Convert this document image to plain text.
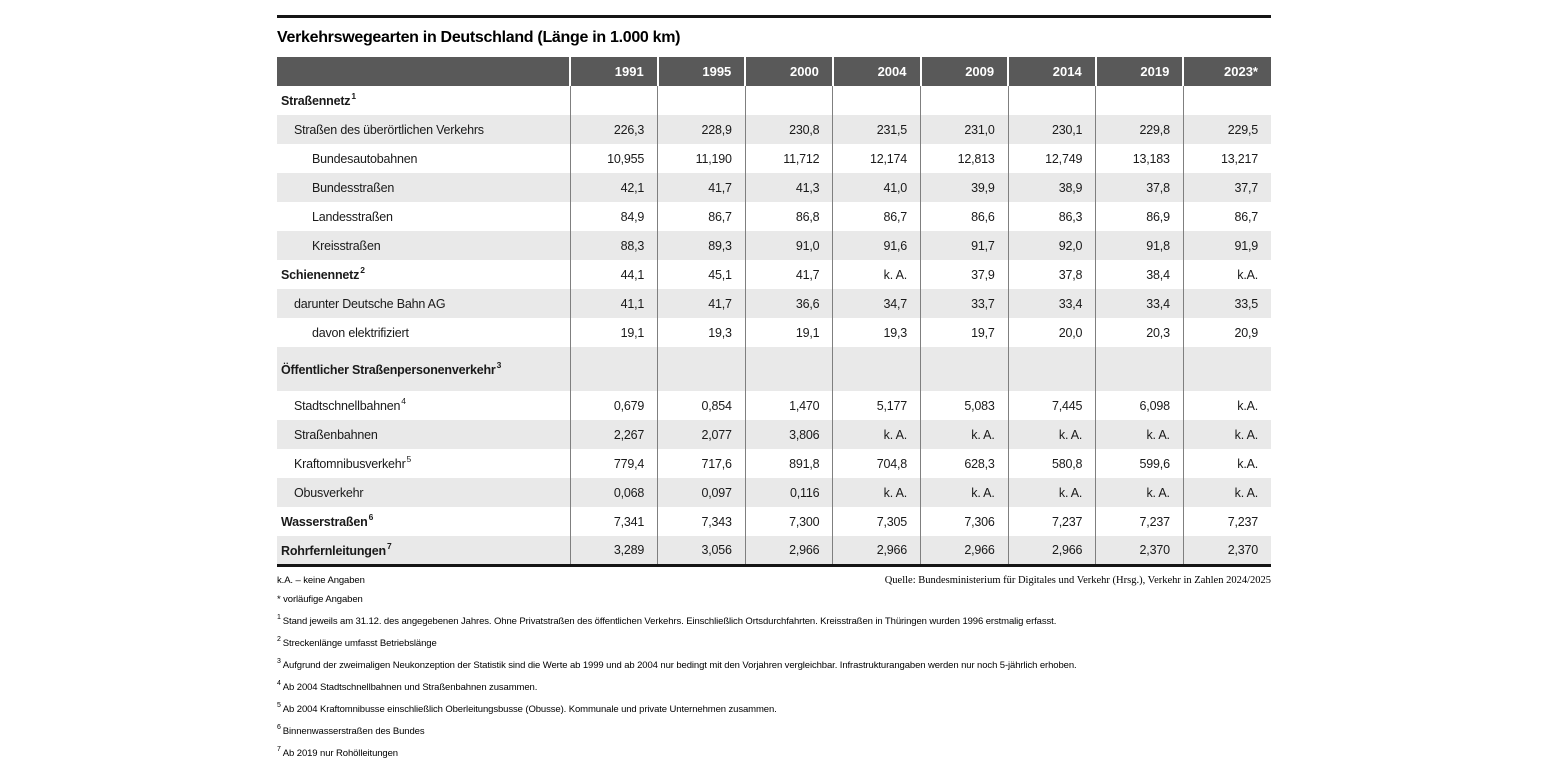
Verkehrswegearten in Deutschland (Länge in 1.000 km)
	1991	1995	2000	2004	2009	2014	2019	2023*
Straßennetz$^1$								
Straßen des überörtlichen Verkehrs	226,3	228,9	230,8	231,5	231,0	230,1	229,8	229,5
Bundesautobahnen	10,955	11,190	11,712	12,174	12,813	12,749	13,183	13,217
Bundesstraßen	42,1	41,7	41,3	41,0	39,9	38,9	37,8	37,7
Landesstraßen	84,9	86,7	86,8	86,7	86,6	86,3	86,9	86,7
Kreisstraßen	88,3	89,3	91,0	91,6	91,7	92,0	91,8	91,9
Schienennetz$^2$	44,1	45,1	41,7	k. A.	37,9	37,8	38,4	k.A.
darunter Deutsche Bahn AG	41,1	41,7	36,6	34,7	33,7	33,4	33,4	33,5
davon elektrifiziert	19,1	19,3	19,1	19,3	19,7	20,0	20,3	20,9
Öffentlicher Straßenpersonenverkehr$^3$								
Stadtschnellbahnen$^4$	0,679	0,854	1,470	5,177	5,083	7,445	6,098	k.A.
Straßenbahnen	2,267	2,077	3,806	k. A.	k. A.	k. A.	k. A.	k. A.
Kraftomnibusverkehr$^5$	779,4	717,6	891,8	704,8	628,3	580,8	599,6	k.A.
Obusverkehr	0,068	0,097	0,116	k. A.	k. A.	k. A.	k. A.	k. A.
Wasserstraßen$^6$	7,341	7,343	7,300	7,305	7,306	7,237	7,237	7,237
Rohrfernleitungen$^7$	3,289	3,056	2,966	2,966	2,966	2,966	2,370	2,370
k.A. – keine Angaben
* vorläufige Angaben
$^1$ Stand jeweils am 31.12. des angegebenen Jahres. Ohne Privatstraßen des öffentlichen Verkehrs. Einschließlich Ortsdurchfahrten. Kreisstraßen in Thüringen wurden 1996 erstmalig erfasst.
$^2$ Streckenlänge umfasst Betriebslänge
$^3$ Aufgrund der zweimaligen Neukonzeption der Statistik sind die Werte ab 1999 und ab 2004 nur bedingt mit den Vorjahren vergleichbar. Infrastrukturangaben werden nur noch 5-jährlich erhoben.
$^4$ Ab 2004 Stadtschnellbahnen und Straßenbahnen zusammen.
$^5$ Ab 2004 Kraftomnibusse einschließlich Oberleitungsbusse (Obusse). Kommunale und private Unternehmen zusammen.
$^6$ Binnenwasserstraßen des Bundes
$^7$ Ab 2019 nur Rohölleitungen
Quelle: Bundesministerium für Digitales und Verkehr (Hrsg.), Verkehr in Zahlen 2024/2025
